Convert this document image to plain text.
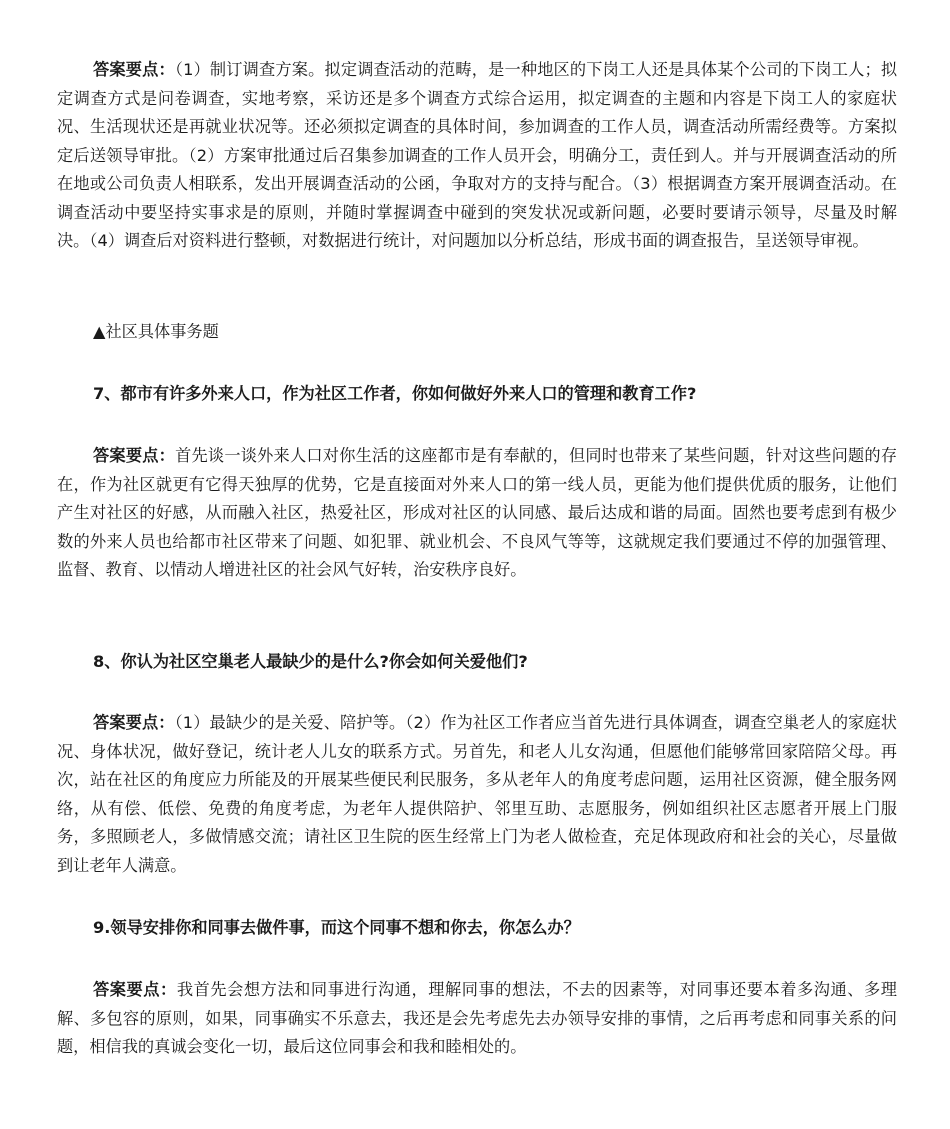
答案要点：（1）制订调查方案。拟定调查活动的范畴，是一种地区的下岗工人还是具体某个公司的下岗工人；拟定调查方式是问卷调查，实地考察，采访还是多个调查方式综合运用，拟定调查的主题和内容是下岗工人的家庭状况、生活现状还是再就业状况等。还必须拟定调查的具体时间，参加调查的工作人员，调查活动所需经费等。方案拟定后送领导审批。（2）方案审批通过后召集参加调查的工作人员开会，明确分工，责任到人。并与开展调查活动的所在地或公司负责人相联系，发出开展调查活动的公函，争取对方的支持与配合。（3）根据调查方案开展调查活动。在调查活动中要坚持实事求是的原则，并随时掌握调查中碰到的突发状况或新问题，必要时要请示领导，尽量及时解决。（4）调查后对资料进行整顿，对数据进行统计，对问题加以分析总结，形成书面的调查报告，呈送领导审视。

▲社区具体事务题

7、都市有许多外来人口，作为社区工作者，你如何做好外来人口的管理和教育工作?

答案要点：首先谈一谈外来人口对你生活的这座都市是有奉献的，但同时也带来了某些问题，针对这些问题的存在，作为社区就更有它得天独厚的优势，它是直接面对外来人口的第一线人员，更能为他们提供优质的服务，让他们产生对社区的好感，从而融入社区，热爱社区，形成对社区的认同感、最后达成和谐的局面。固然也要考虑到有极少数的外来人员也给都市社区带来了问题、如犯罪、就业机会、不良风气等等，这就规定我们要通过不停的加强管理、监督、教育、以情动人增进社区的社会风气好转，治安秩序良好。

8、你认为社区空巢老人最缺少的是什么?你会如何关爱他们?

答案要点：（1）最缺少的是关爱、陪护等。（2）作为社区工作者应当首先进行具体调查，调查空巢老人的家庭状况、身体状况，做好登记，统计老人儿女的联系方式。另首先，和老人儿女沟通，但愿他们能够常回家陪陪父母。再次，站在社区的角度应力所能及的开展某些便民利民服务，多从老年人的角度考虑问题，运用社区资源，健全服务网络，从有偿、低偿、免费的角度考虑，为老年人提供陪护、邻里互助、志愿服务，例如组织社区志愿者开展上门服务，多照顾老人，多做情感交流；请社区卫生院的医生经常上门为老人做检查，充足体现政府和社会的关心，尽量做到让老年人满意。

9.领导安排你和同事去做件事，而这个同事不想和你去，你怎么办？

答案要点：我首先会想方法和同事进行沟通，理解同事的想法，不去的因素等，对同事还要本着多沟通、多理解、多包容的原则，如果，同事确实不乐意去，我还是会先考虑先去办领导安排的事情，之后再考虑和同事关系的问题，相信我的真诚会变化一切，最后这位同事会和我和睦相处的。
